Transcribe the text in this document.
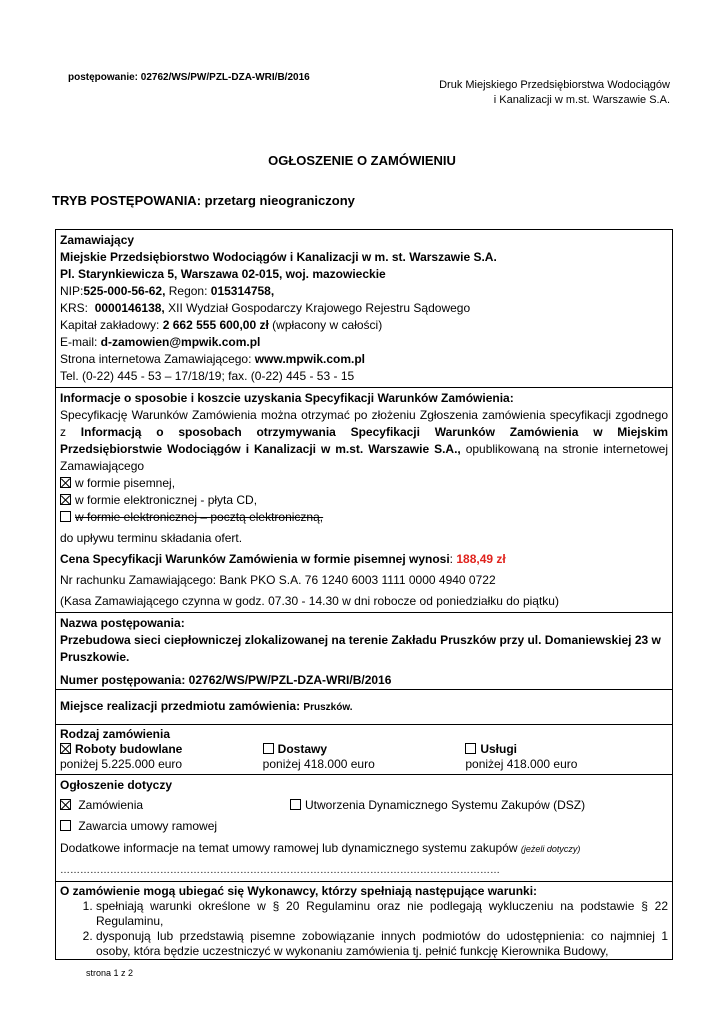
postępowanie: 02762/WS/PW/PZL-DZA-WRI/B/2016
Druk Miejskiego Przedsiębiorstwa Wodociągów
i Kanalizacji w m.st. Warszawie S.A.
OGŁOSZENIE O ZAMÓWIENIU
TRYB POSTĘPOWANIA: przetarg nieograniczony
Zamawiający
Miejskie Przedsiębiorstwo Wodociągów i Kanalizacji w m. st. Warszawie S.A.
Pl. Starynkiewicza 5, Warszawa 02-015, woj. mazowieckie
NIP:525-000-56-62, Regon: 015314758,
KRS:  0000146138, XII Wydział Gospodarczy Krajowego Rejestru Sądowego
Kapitał zakładowy: 2 662 555 600,00 zł (wpłacony w całości)
E-mail: d-zamowien@mpwik.com.pl
Strona internetowa Zamawiającego: www.mpwik.com.pl
Tel. (0-22) 445 - 53 – 17/18/19; fax. (0-22) 445 - 53 - 15
Informacje o sposobie i koszcie uzyskania Specyfikacji Warunków Zamówienia:
Specyfikację Warunków Zamówienia można otrzymać po złożeniu Zgłoszenia zamówienia specyfikacji zgodnego z Informacją o sposobach otrzymywania Specyfikacji Warunków Zamówienia w Miejskim Przedsiębiorstwie Wodociągów i Kanalizacji w m.st. Warszawie S.A., opublikowaną na stronie internetowej Zamawiającego
w formie pisemnej,
w formie elektronicznej - płyta CD,
w formie elektronicznej – pocztą elektroniczną,
do upływu terminu składania ofert.
Cena Specyfikacji Warunków Zamówienia w formie pisemnej wynosi: 188,49 zł
Nr rachunku Zamawiającego: Bank PKO S.A. 76 1240 6003 1111 0000 4940 0722
(Kasa Zamawiającego czynna w godz. 07.30 - 14.30 w dni robocze od poniedziałku do piątku)
Nazwa postępowania:
Przebudowa sieci ciepłowniczej zlokalizowanej na terenie Zakładu Pruszków przy ul. Domaniewskiej 23 w Pruszkowie.
Numer postępowania: 02762/WS/PW/PZL-DZA-WRI/B/2016
Miejsce realizacji przedmiotu zamówienia: Pruszków.
Rodzaj zamówienia
Roboty budowlane	Dostawy	Usługi
poniżej 5.225.000 euro	poniżej 418.000 euro	poniżej 418.000 euro
Ogłoszenie dotyczy
Zamówienia	Utworzenia Dynamicznego Systemu Zakupów (DSZ)
Zawarcia umowy ramowej
Dodatkowe informacje na temat umowy ramowej lub dynamicznego systemu zakupów (jeżeli dotyczy)
……………………………………………………………………………………………………………………
O zamówienie mogą ubiegać się Wykonawcy, którzy spełniają następujące warunki:
1. spełniają warunki określone w § 20 Regulaminu oraz nie podlegają wykluczeniu na podstawie § 22 Regulaminu,
2. dysponują lub przedstawią pisemne zobowiązanie innych podmiotów do udostępnienia: co najmniej 1 osoby, która będzie uczestniczyć w wykonaniu zamówienia tj. pełnić funkcję Kierownika Budowy,
strona 1 z 2
